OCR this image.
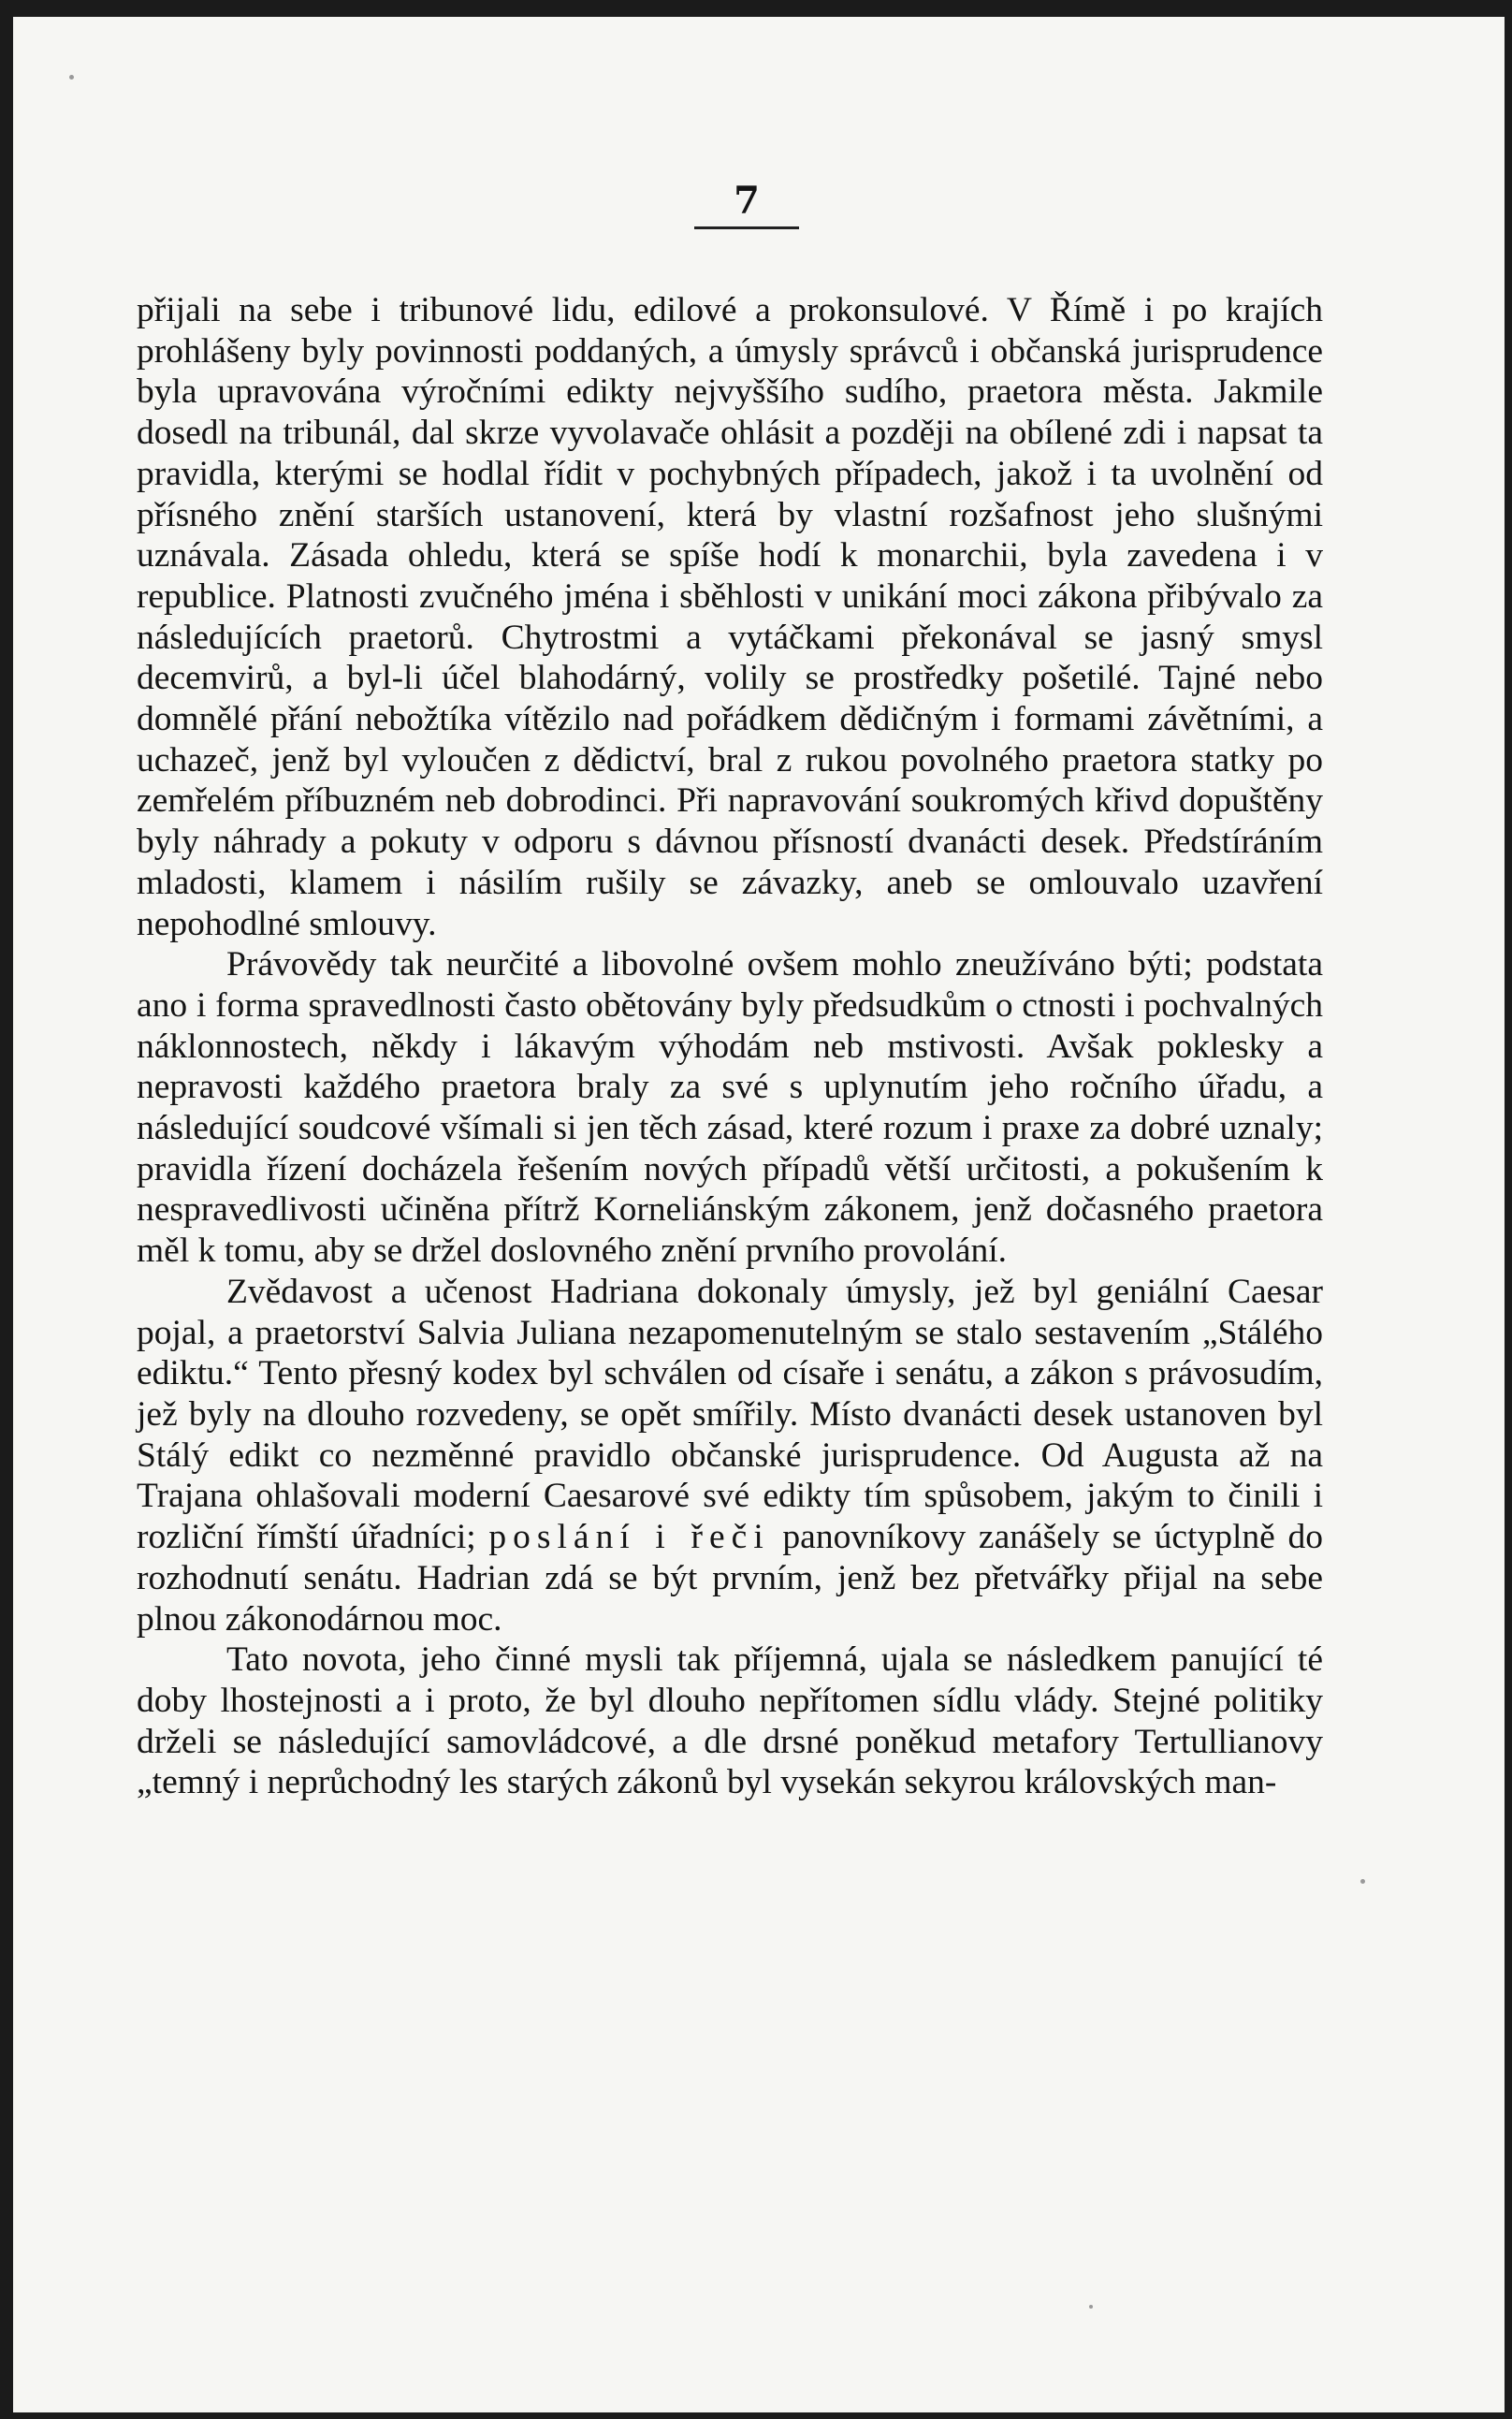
7

přijali na sebe i tribunové lidu, edilové a prokonsulové. V Římě i po krajích prohlášeny byly povinnosti poddaných, a úmysly správců i občanská jurisprudence byla upravována výročními edikty nejvyššího sudího, praetora města. Jakmile dosedl na tribunál, dal skrze vyvolavače ohlásit a později na obílené zdi i napsat ta pravidla, kterými se hodlal řídit v pochybných případech, jakož i ta uvolnění od přísného znění starších ustanovení, která by vlastní rozšafnost jeho slušnými uznávala. Zásada ohledu, která se spíše hodí k monarchii, byla zavedena i v republice. Platnosti zvučného jména i sběhlosti v unikání moci zákona přibývalo za následujících praetorů. Chytrostmi a vytáčkami překonával se jasný smysl decemvirů, a byl-li účel blahodárný, volily se prostředky pošetilé. Tajné nebo domnělé přání nebožtíka vítězilo nad pořádkem dědičným i formami závětními, a uchazeč, jenž byl vyloučen z dědictví, bral z rukou povolného praetora statky po zemřelém příbuzném neb dobrodinci. Při napravování soukromých křivd dopuštěny byly náhrady a pokuty v odporu s dávnou přísností dvanácti desek. Předstíráním mladosti, klamem i násilím rušily se závazky, aneb se omlouvalo uzavření nepohodlné smlouvy.

Právovědy tak neurčité a libovolné ovšem mohlo zneužíváno býti; podstata ano i forma spravedlnosti často obětovány byly předsudkům o ctnosti i pochvalných náklonnostech, někdy i lákavým výhodám neb mstivosti. Avšak poklesky a nepravosti každého praetora braly za své s uplynutím jeho ročního úřadu, a následující soudcové všímali si jen těch zásad, které rozum i praxe za dobré uznaly; pravidla řízení docházela řešením nových případů větší určitosti, a pokušením k nespravedlivosti učiněna přítrž Korneliánským zákonem, jenž dočasného praetora měl k tomu, aby se držel doslovného znění prvního provolání.

Zvědavost a učenost Hadriana dokonaly úmysly, jež byl geniální Caesar pojal, a praetorství Salvia Juliana nezapomenutelným se stalo sestavením „Stálého ediktu.“ Tento přesný kodex byl schválen od císaře i senátu, a zákon s právosudím, jež byly na dlouho rozvedeny, se opět smířily. Místo dvanácti desek ustanoven byl Stálý edikt co nezměnné pravidlo občanské jurisprudence. Od Augusta až na Trajana ohlašovali moderní Caesarové své edikty tím spůsobem, jakým to činili i rozliční římští úřadníci; poslání i řeči panovníkovy zanášely se úctyplně do rozhodnutí senátu. Hadrian zdá se být prvním, jenž bez přetvářky přijal na sebe plnou zákonodárnou moc.

Tato novota, jeho činné mysli tak příjemná, ujala se následkem panující té doby lhostejnosti a i proto, že byl dlouho nepřítomen sídlu vlády. Stejné politiky drželi se následující samovládcové, a dle drsné poněkud metafory Tertullianovy „temný i neprůchodný les starých zákonů byl vysekán sekyrou královských man-
